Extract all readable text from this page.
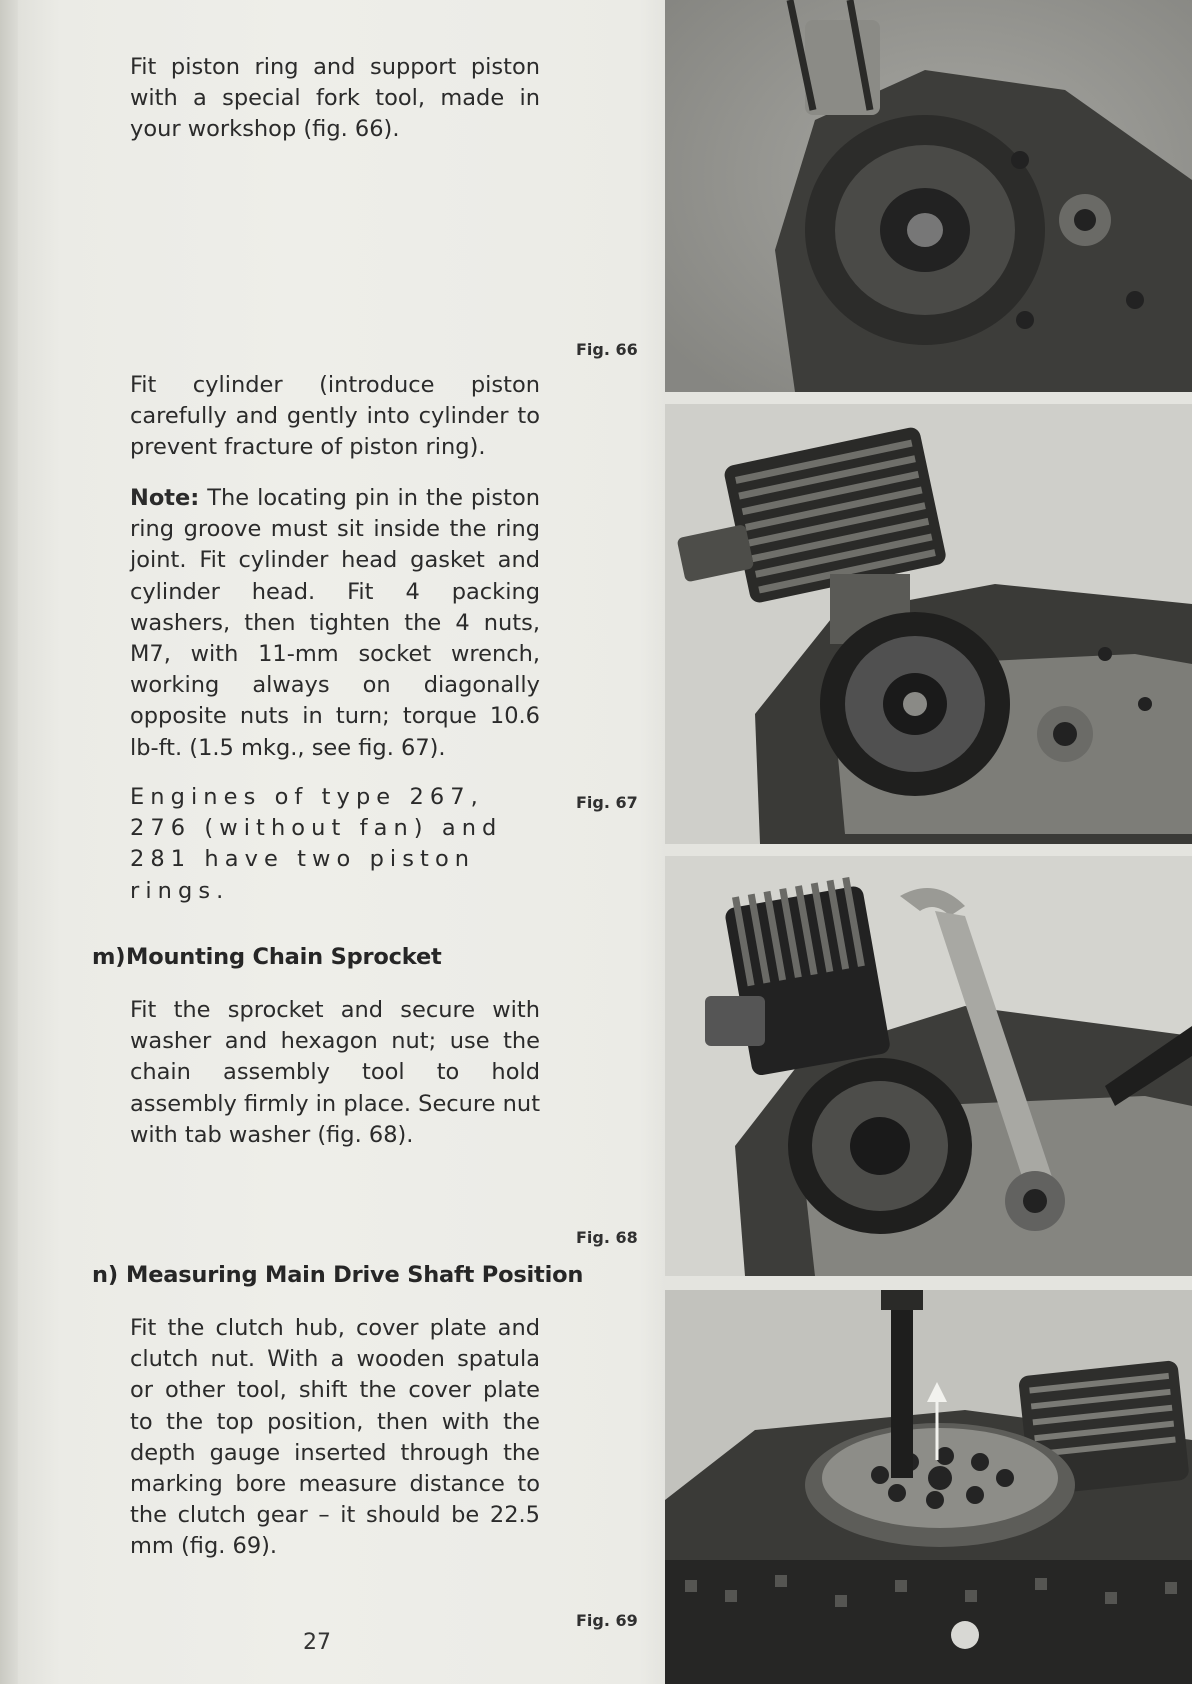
Fit piston ring and support piston with a special fork tool, made in your workshop (fig. 66).

Fit cylinder (introduce piston carefully and gently into cylinder to prevent fracture of piston ring).

Note: The locating pin in the piston ring groove must sit inside the ring joint. Fit cylinder head gasket and cylinder head. Fit 4 packing washers, then tighten the 4 nuts, M7, with 11-mm socket wrench, working always on diagonally opposite nuts in turn; torque 10.6 lb-ft. (1.5 mkg., see fig. 67).

Engines of type 267, 276 (without fan) and 281 have two piston rings.

m)Mounting Chain Sprocket

Fit the sprocket and secure with washer and hexagon nut; use the chain assembly tool to hold assembly firmly in place. Secure nut with tab washer (fig. 68).

n) Measuring Main Drive Shaft Position

Fit the clutch hub, cover plate and clutch nut. With a wooden spatula or other tool, shift the cover plate to the top position, then with the depth gauge inserted through the marking bore measure distance to the clutch gear – it should be 22.5 mm (fig. 69).

Fig. 66
Fig. 67
Fig. 68
Fig. 69
27
